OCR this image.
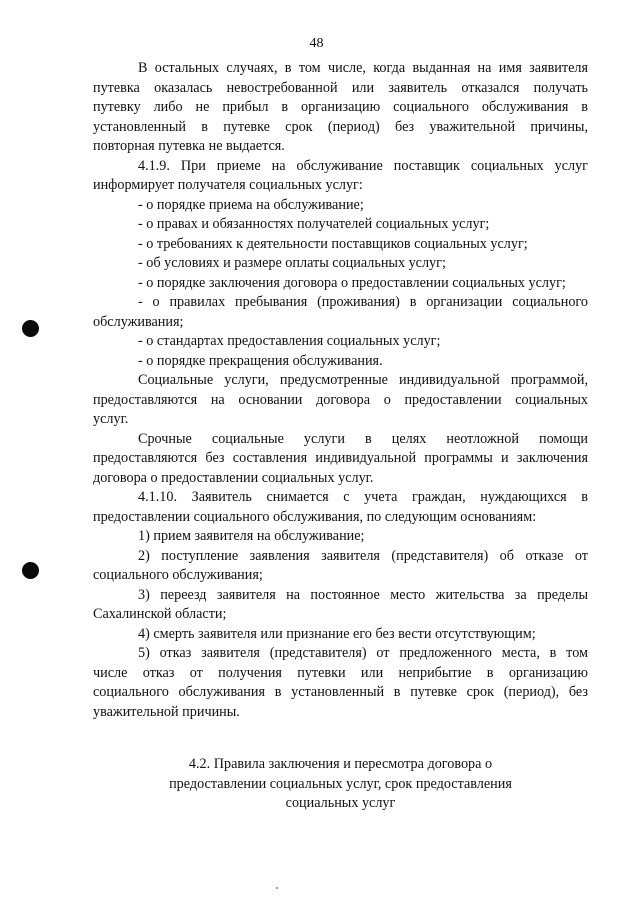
48
В остальных случаях, в том числе, когда выданная на имя заявителя
путевка оказалась невостребованной или заявитель отказался получать
путевку либо не прибыл в организацию социального обслуживания в
установленный в путевке срок (период) без уважительной причины,
повторная путевка не выдается.
4.1.9. При приеме на обслуживание поставщик социальных услуг
информирует получателя социальных услуг:
- о порядке приема на обслуживание;
- о правах и обязанностях получателей социальных услуг;
- о требованиях к деятельности поставщиков социальных услуг;
- об условиях и размере оплаты социальных услуг;
- о порядке заключения договора о предоставлении социальных услуг;
- о правилах пребывания (проживания) в организации социального
обслуживания;
- о стандартах предоставления социальных услуг;
- о порядке прекращения обслуживания.
Социальные услуги, предусмотренные индивидуальной программой,
предоставляются на основании договора о предоставлении социальных
услуг.
Срочные социальные услуги в целях неотложной помощи
предоставляются без составления индивидуальной программы и заключения
договора о предоставлении социальных услуг.
4.1.10. Заявитель снимается с учета граждан, нуждающихся в
предоставлении социального обслуживания, по следующим основаниям:
1) прием заявителя на обслуживание;
2) поступление заявления заявителя (представителя) об отказе от
социального обслуживания;
3) переезд заявителя на постоянное место жительства за пределы
Сахалинской области;
4) смерть заявителя или признание его без вести отсутствующим;
5) отказ заявителя (представителя) от предложенного места, в том
числе отказ от получения путевки или неприбытие в организацию
социального обслуживания в установленный в путевке срок (период), без
уважительной причины.
4.2. Правила заключения и пересмотра договора о
предоставлении социальных услуг, срок предоставления
социальных услуг
